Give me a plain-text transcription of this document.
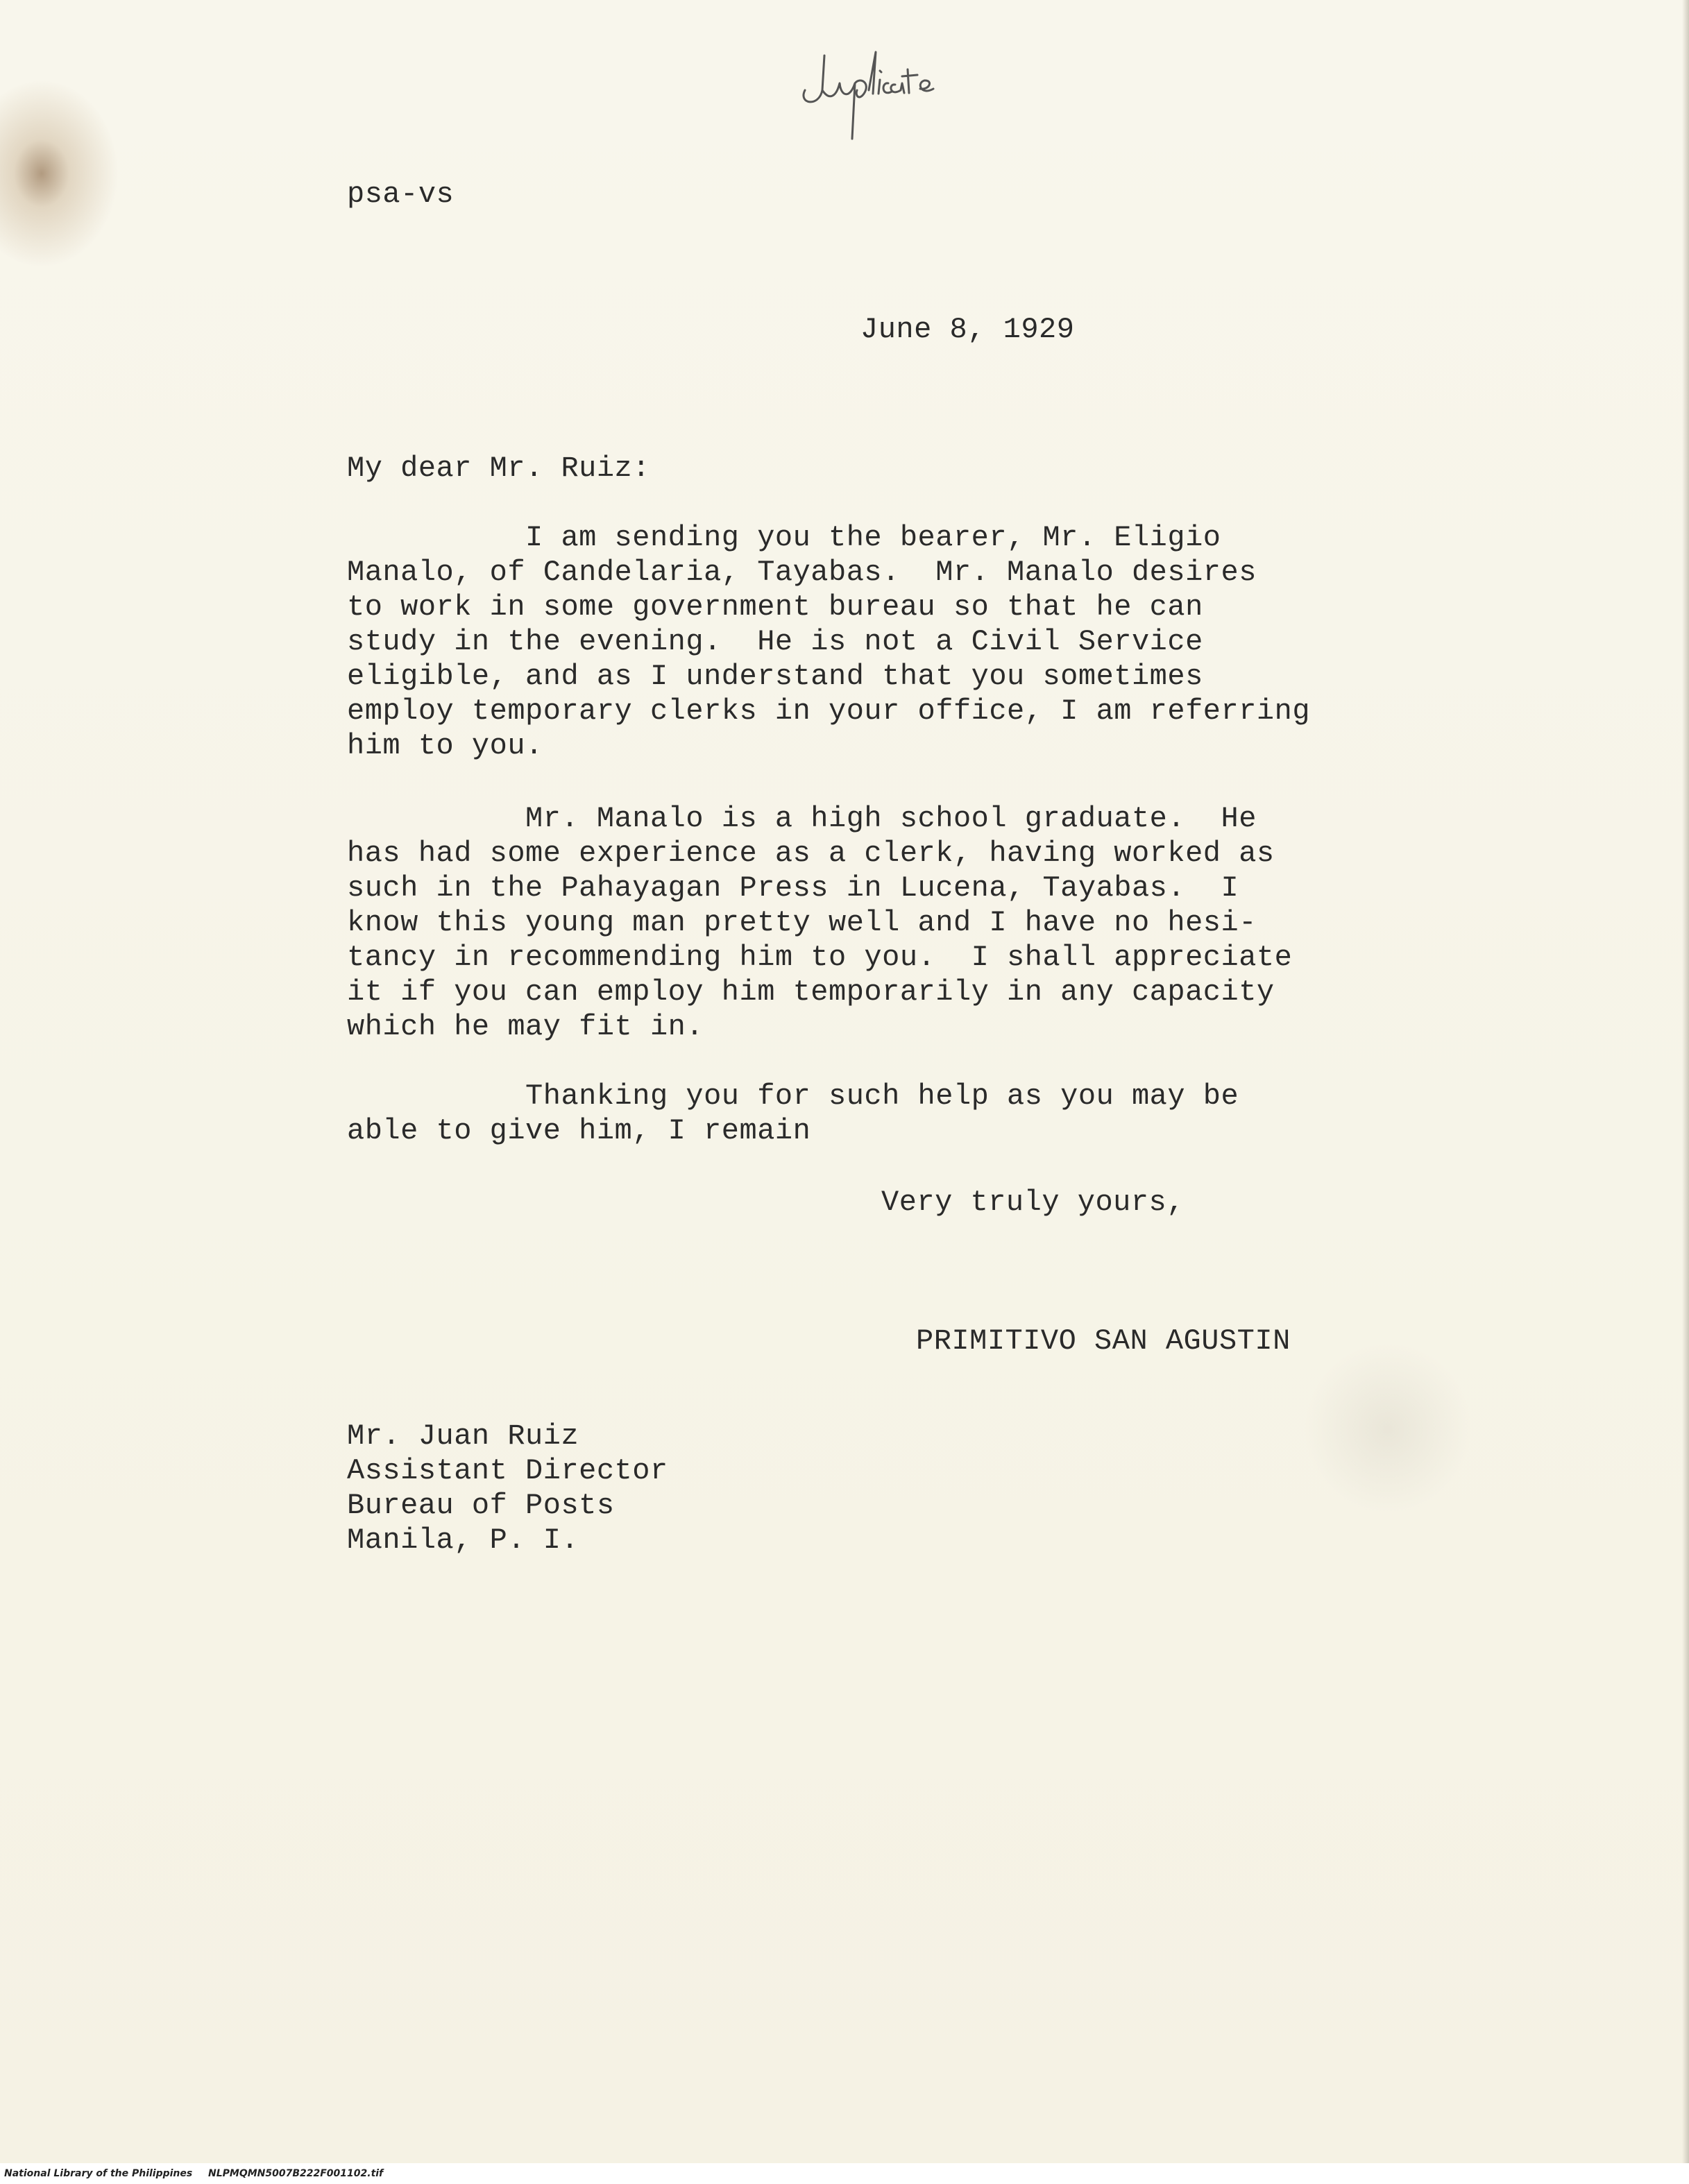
psa-vs

June 8, 1929

My dear Mr. Ruiz:

I am sending you the bearer, Mr. Eligio
Manalo, of Candelaria, Tayabas.  Mr. Manalo desires
to work in some government bureau so that he can
study in the evening.  He is not a Civil Service
eligible, and as I understand that you sometimes
employ temporary clerks in your office, I am referring
him to you.

Mr. Manalo is a high school graduate.  He
has had some experience as a clerk, having worked as
such in the Pahayagan Press in Lucena, Tayabas.  I
know this young man pretty well and I have no hesi-
tancy in recommending him to you.  I shall appreciate
it if you can employ him temporarily in any capacity
which he may fit in.

Thanking you for such help as you may be
able to give him, I remain

Very truly yours,

PRIMITIVO SAN AGUSTIN

Mr. Juan Ruiz
Assistant Director
Bureau of Posts
Manila, P. I.

National Library of the Philippines NLPMQMN5007B222F001102.tif
